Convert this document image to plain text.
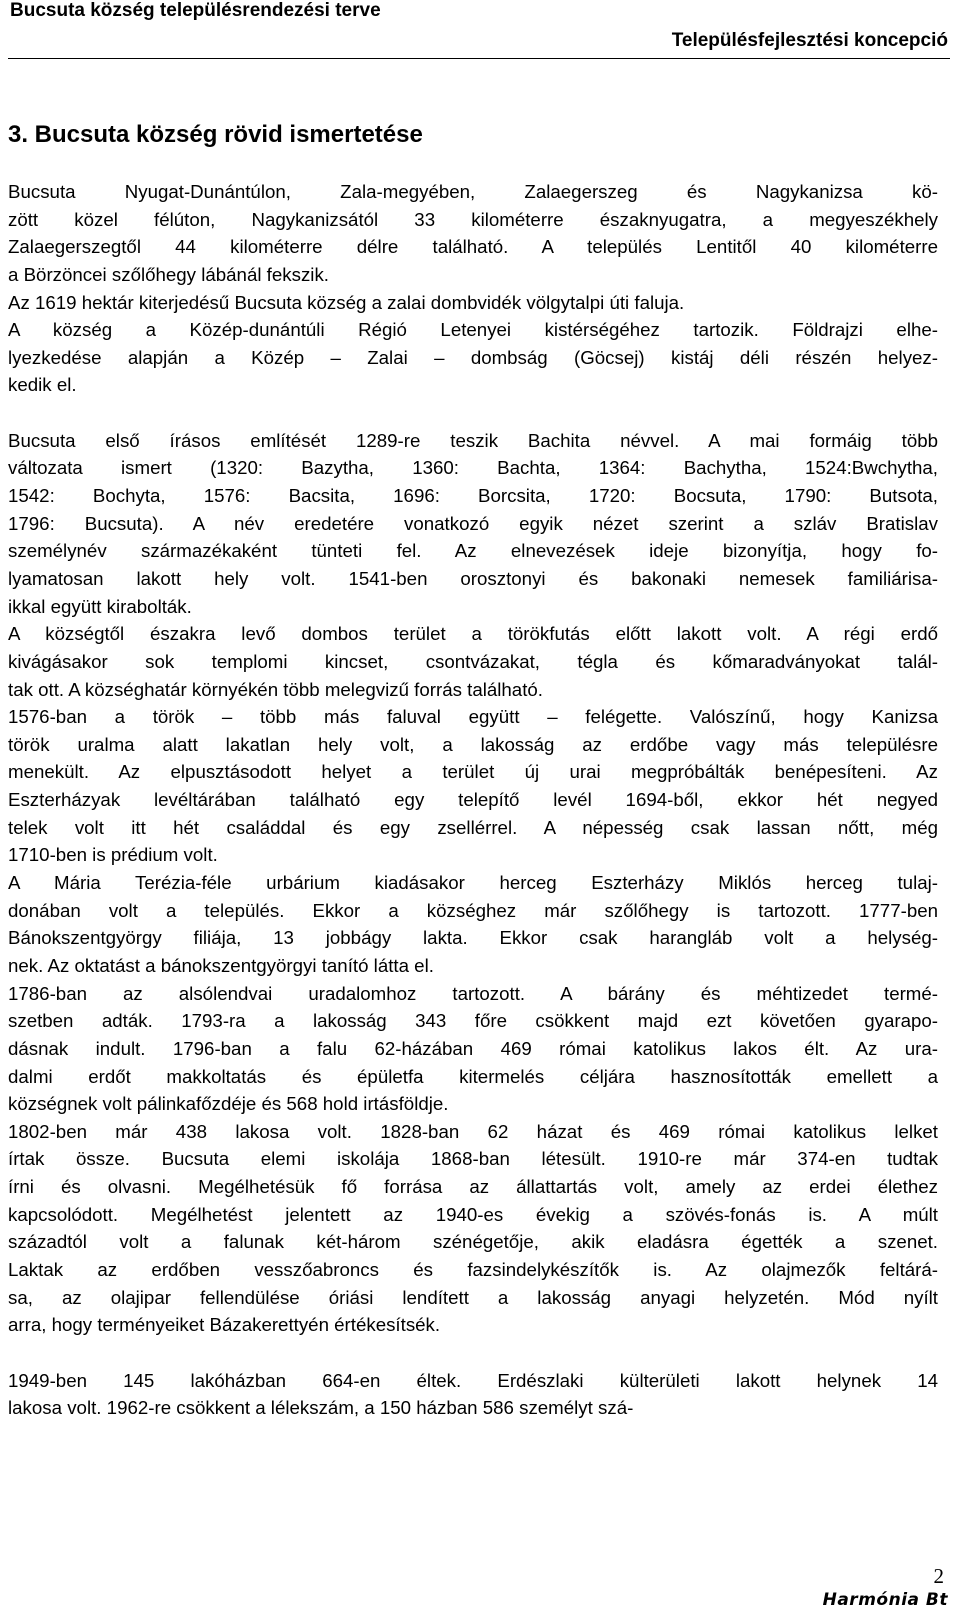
Bucsuta község településrendezési terve
Településfejlesztési koncepció
3. Bucsuta község rövid ismertetése
Bucsuta Nyugat-Dunántúlon, Zala-megyében, Zalaegerszeg és Nagykanizsa kö-
zött közel félúton, Nagykanizsától 33 kilométerre északnyugatra, a megyeszékhely
Zalaegerszegtől 44 kilométerre délre található. A település Lentitől 40 kilométerre
a Börzöncei szőlőhegy lábánál fekszik.
Az 1619 hektár kiterjedésű Bucsuta község a zalai dombvidék völgytalpi úti faluja.
A község a Közép-dunántúli Régió Letenyei kistérségéhez tartozik. Földrajzi elhe-
lyezkedése alapján a Közép – Zalai – dombság (Göcsej) kistáj déli részén helyez-
kedik el.
Bucsuta első írásos említését 1289-re teszik Bachita névvel. A mai formáig több
változata ismert (1320: Bazytha, 1360: Bachta, 1364: Bachytha, 1524:Bwchytha,
1542: Bochyta, 1576: Bacsita, 1696: Borcsita, 1720: Bocsuta, 1790: Butsota,
1796: Bucsuta). A név eredetére vonatkozó egyik nézet szerint a szláv Bratislav
személynév származékaként tünteti fel. Az elnevezések ideje bizonyítja, hogy fo-
lyamatosan lakott hely volt. 1541-ben orosztonyi és bakonaki nemesek familiárisa-
ikkal együtt kirabolták.
A községtől északra levő dombos terület a törökfutás előtt lakott volt. A régi erdő
kivágásakor sok templomi kincset, csontvázakat, tégla és kőmaradványokat talál-
tak ott. A községhatár környékén több melegvizű forrás található.
1576-ban a török – több más faluval együtt – felégette. Valószínű, hogy Kanizsa
török uralma alatt lakatlan hely volt, a lakosság az erdőbe vagy más településre
menekült. Az elpusztásodott helyet a terület új urai megpróbálták benépesíteni. Az
Eszterházyak levéltárában található egy telepítő levél 1694-ből, ekkor hét negyed
telek volt itt hét családdal és egy zsellérrel. A népesség csak lassan nőtt, még
1710-ben is prédium volt.
A Mária Terézia-féle urbárium kiadásakor herceg Eszterházy Miklós herceg tulaj-
donában volt a település. Ekkor a községhez már szőlőhegy is tartozott. 1777-ben
Bánokszentgyörgy filiája, 13 jobbágy lakta. Ekkor csak harangláb volt a helység-
nek. Az oktatást a bánokszentgyörgyi tanító látta el.
1786-ban az alsólendvai uradalomhoz tartozott. A bárány és méhtizedet termé-
szetben adták. 1793-ra a lakosság 343 főre csökkent majd ezt követően gyarapo-
dásnak indult. 1796-ban a falu 62-házában 469 római katolikus lakos élt. Az ura-
dalmi erdőt makkoltatás és épületfa kitermelés céljára hasznosították emellett a
községnek volt pálinkafőzdéje és 568 hold irtásföldje.
1802-ben már 438 lakosa volt. 1828-ban 62 házat és 469 római katolikus lelket
írtak össze. Bucsuta elemi iskolája 1868-ban létesült. 1910-re már 374-en tudtak
írni és olvasni. Megélhetésük fő forrása az állattartás volt, amely az erdei élethez
kapcsolódott. Megélhetést jelentett az 1940-es évekig a szövés-fonás is. A múlt
századtól volt a falunak két-három szénégetője, akik eladásra égették a szenet.
Laktak az erdőben vesszőabroncs és fazsindelykészítők is. Az olajmezők feltárá-
sa, az olajipar fellendülése óriási lendített a lakosság anyagi helyzetén. Mód nyílt
arra, hogy terményeiket Bázakerettyén értékesítsék.
1949-ben 145 lakóházban 664-en éltek. Erdészlaki külterületi lakott helynek 14
lakosa volt. 1962-re csökkent a lélekszám, a 150 házban 586 személyt szá-
2
Harmónia Bt
